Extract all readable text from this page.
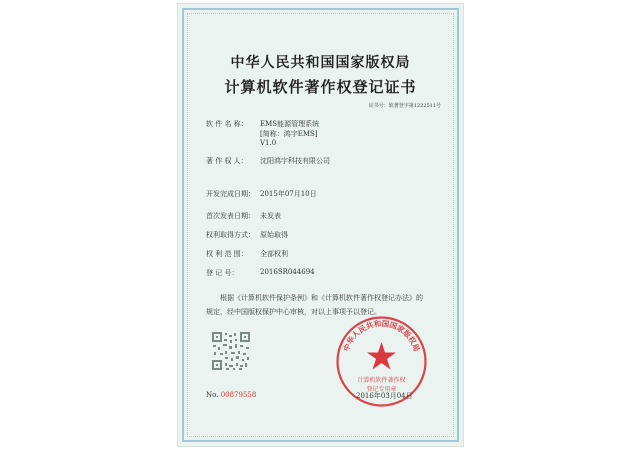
中华人民共和国国家版权局
计算机软件著作权登记证书
证书号：软著登字第1222511号
软 件 名 称： EMS能源管理系统
[简称：鸿宇EMS]
V1.0
著 作 权 人： 沈阳鸿宇科技有限公司
开发完成日期： 2015年07月10日
首次发表日期： 未发表
权利取得方式： 原始取得
权 利 范 围： 全部权利
登 记 号：	2016SR044694
根据《计算机软件保护条例》和《计算机软件著作权登记办法》的
规定，经中国版权保护中心审核，对以上事项予以登记。
中华人民共和国国家版权局
计算机软件著作权
登记专用章
No. 00879558	2016年03月04日
